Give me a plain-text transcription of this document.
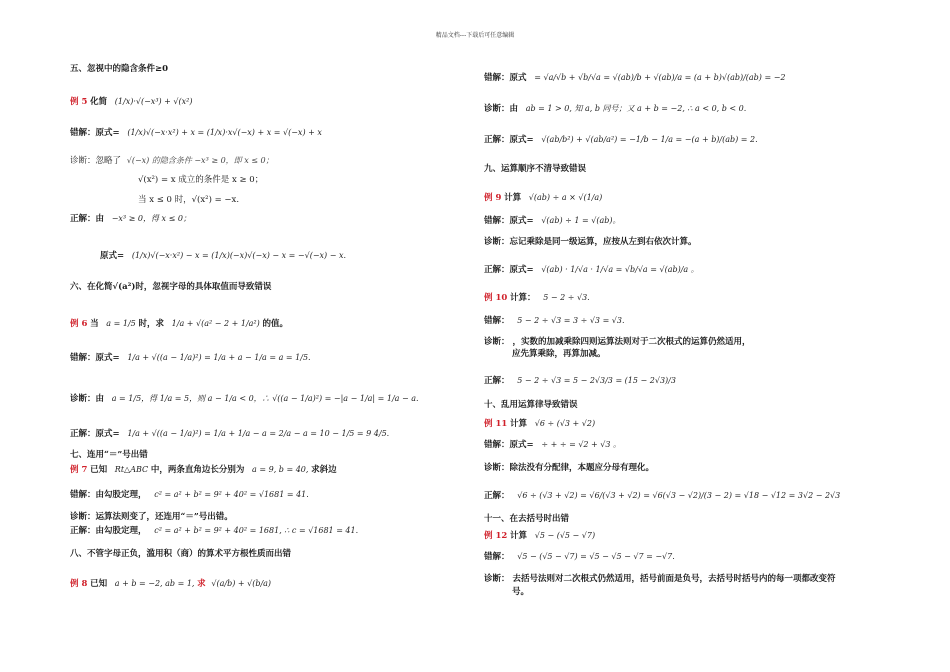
精品文档---下载后可任意编辑
五、忽视中的隐含条件≥0
例 5 化简 (1/x)·√(−x³) + √(x²)
错解：原式= (1/x)√(−x·x²) + x = (1/x)·x√(−x) + x = √(−x) + x
诊断：忽略了 √(−x) 的隐含条件 −x³ ≥ 0，即 x ≤ 0；
√(x²) = x 成立的条件是 x ≥ 0；
当 x ≤ 0 时，√(x²) = −x.
正解：由 −x³ ≥ 0，得 x ≤ 0；
原式= (1/x)√(−x·x²) − x = (1/x)(−x)√(−x) − x = −√(−x) − x.
六、在化简√(a²)时，忽视字母的具体取值而导致错误
例 6 当 a = 1/5 时，求 1/a + √(a² − 2 + 1/a²) 的值。
错解：原式= 1/a + √((a − 1/a)²) = 1/a + a − 1/a = a = 1/5.
诊断：由 a = 1/5，得 1/a = 5，则 a − 1/a < 0，∴ √((a − 1/a)²) = −|a − 1/a| = 1/a − a.
正解：原式= 1/a + √((a − 1/a)²) = 1/a + 1/a − a = 2/a − a = 10 − 1/5 = 9 4/5.
七、连用“＝”号出错
例 7 已知 Rt△ABC 中，两条直角边长分别为 a = 9, b = 40, 求斜边
错解：由勾股定理， c² = a² + b² = 9² + 40² = √1681 = 41.
诊断：运算法则变了，还连用“＝”号出错。
正解：由勾股定理， c² = a² + b² = 9² + 40² = 1681, ∴ c = √1681 = 41.
八、不管字母正负，滥用积（商）的算术平方根性质而出错
例 8 已知 a + b = −2, ab = 1, 求 √(a/b) + √(b/a)
错解：原式 = √a/√b + √b/√a = √(ab)/b + √(ab)/a = (a + b)√(ab)/(ab) = −2
诊断：由 ab = 1 > 0, 知 a, b 同号；又 a + b = −2, ∴ a < 0, b < 0.
正解：原式= √(ab/b²) + √(ab/a²) = −1/b − 1/a = −(a + b)/(ab) = 2.
九、运算顺序不清导致错误
例 9 计算 √(ab) ÷ a × √(1/a)
错解：原式= √(ab) ÷ 1 = √(ab)。
诊断：忘记乘除是同一级运算，应按从左到右依次计算。
正解：原式= √(ab) · 1/√a · 1/√a = √b/√a = √(ab)/a 。
例 10 计算： 5 − 2 ÷ √3.
错解： 5 − 2 ÷ √3 = 3 ÷ √3 = √3.
诊断： ，实数的加减乘除四则运算法则对于二次根式的运算仍然适用，
应先算乘除，再算加减。
正解： 5 − 2 ÷ √3 = 5 − 2√3/3 = (15 − 2√3)/3
十、乱用运算律导致错误
例 11 计算 √6 ÷ (√3 + √2)
错解：原式= ÷ + ÷ = √2 + √3 。
诊断：除法没有分配律，本题应分母有理化。
正解： √6 ÷ (√3 + √2) = √6/(√3 + √2) = √6(√3 − √2)/(3 − 2) = √18 − √12 = 3√2 − 2√3
十一、在去括号时出错
例 12 计算 √5 − (√5 − √7)
错解： √5 − (√5 − √7) = √5 − √5 − √7 = −√7.
诊断： 去括号法则对二次根式仍然适用，括号前面是负号，去括号时括号内的每一项都改变符
号。
